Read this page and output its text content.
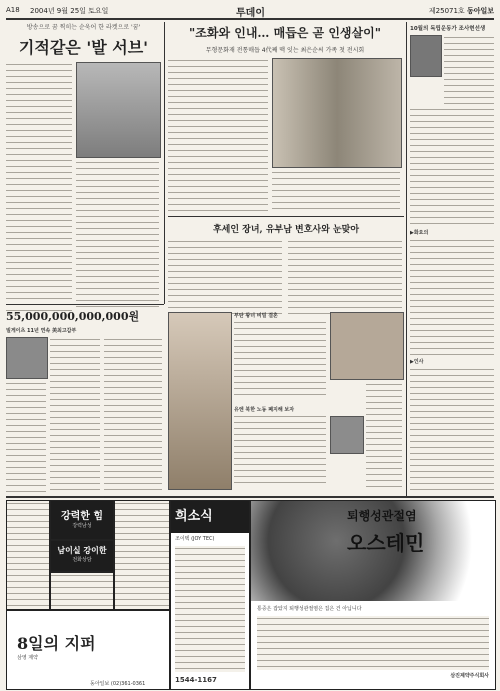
A18 2004년 9월 25일 토요일	투데이	제25071호 동아일보
방송으로 꿈 찍히는 순욱어 한 라켓으로 '꿈'
기적같은 '발 서브'
"조화와 인내… 매듭은 곧 인생살이"
무형문화재 전통매듭 4代째 맥 잇는 최은순씨 가족 첫 전시회
10월의 독립운동가 조사현선생
▶화요의
▶인사
55,000,000,000,000원
빌게이츠 11년 연속 美최고갑부
후세인 장녀, 유부남 변호사와 눈맞아
부탄 왕녀 비밀 결혼
유엔 북한 노동 폐지해 보자
강력한 힘
강력남성
남이실 강이한
전화상담
8일의 지퍼
삼영 제약
희소식
조이텍 (JOY TEC)
1544-1167
퇴행성관절염
오스테민
통증은 잡았지 퇴행성관절염은 집은 건 아닙니다
삼진제약주식회사
동아일보 (02)361-0361
